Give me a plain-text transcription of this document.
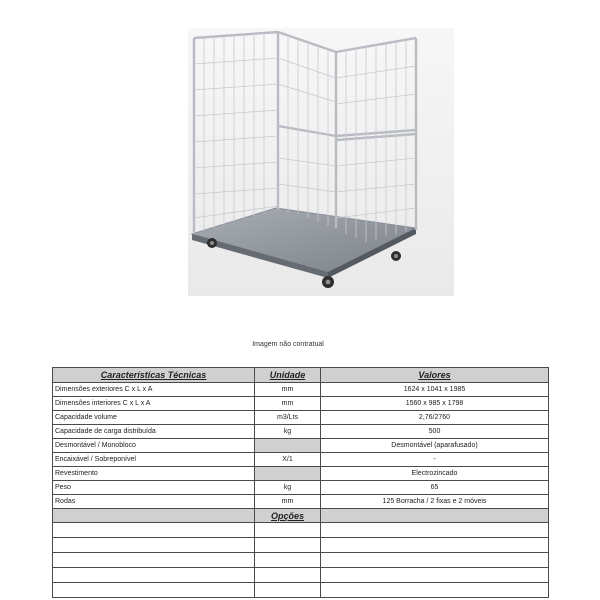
Imagem não contratual
Características Técnicas	Unidade	Valores
Dimensões exteriores C x L x A	mm	1624 x 1041 x 1985
Dimensões interiores C x L x A	mm	1560 x 985 x 1798
Capacidade volume	m3/Lts	2,76/2760
Capacidade de carga distribuída	kg	500
Desmontável / Monobloco		Desmontável (aparafusado)
Encaixável / Sobreponível	X/1	-
Revestimento		Electrozincado
Peso	kg	65
Rodas	mm	125 Borracha / 2 fixas e 2 móveis
	Opções	
